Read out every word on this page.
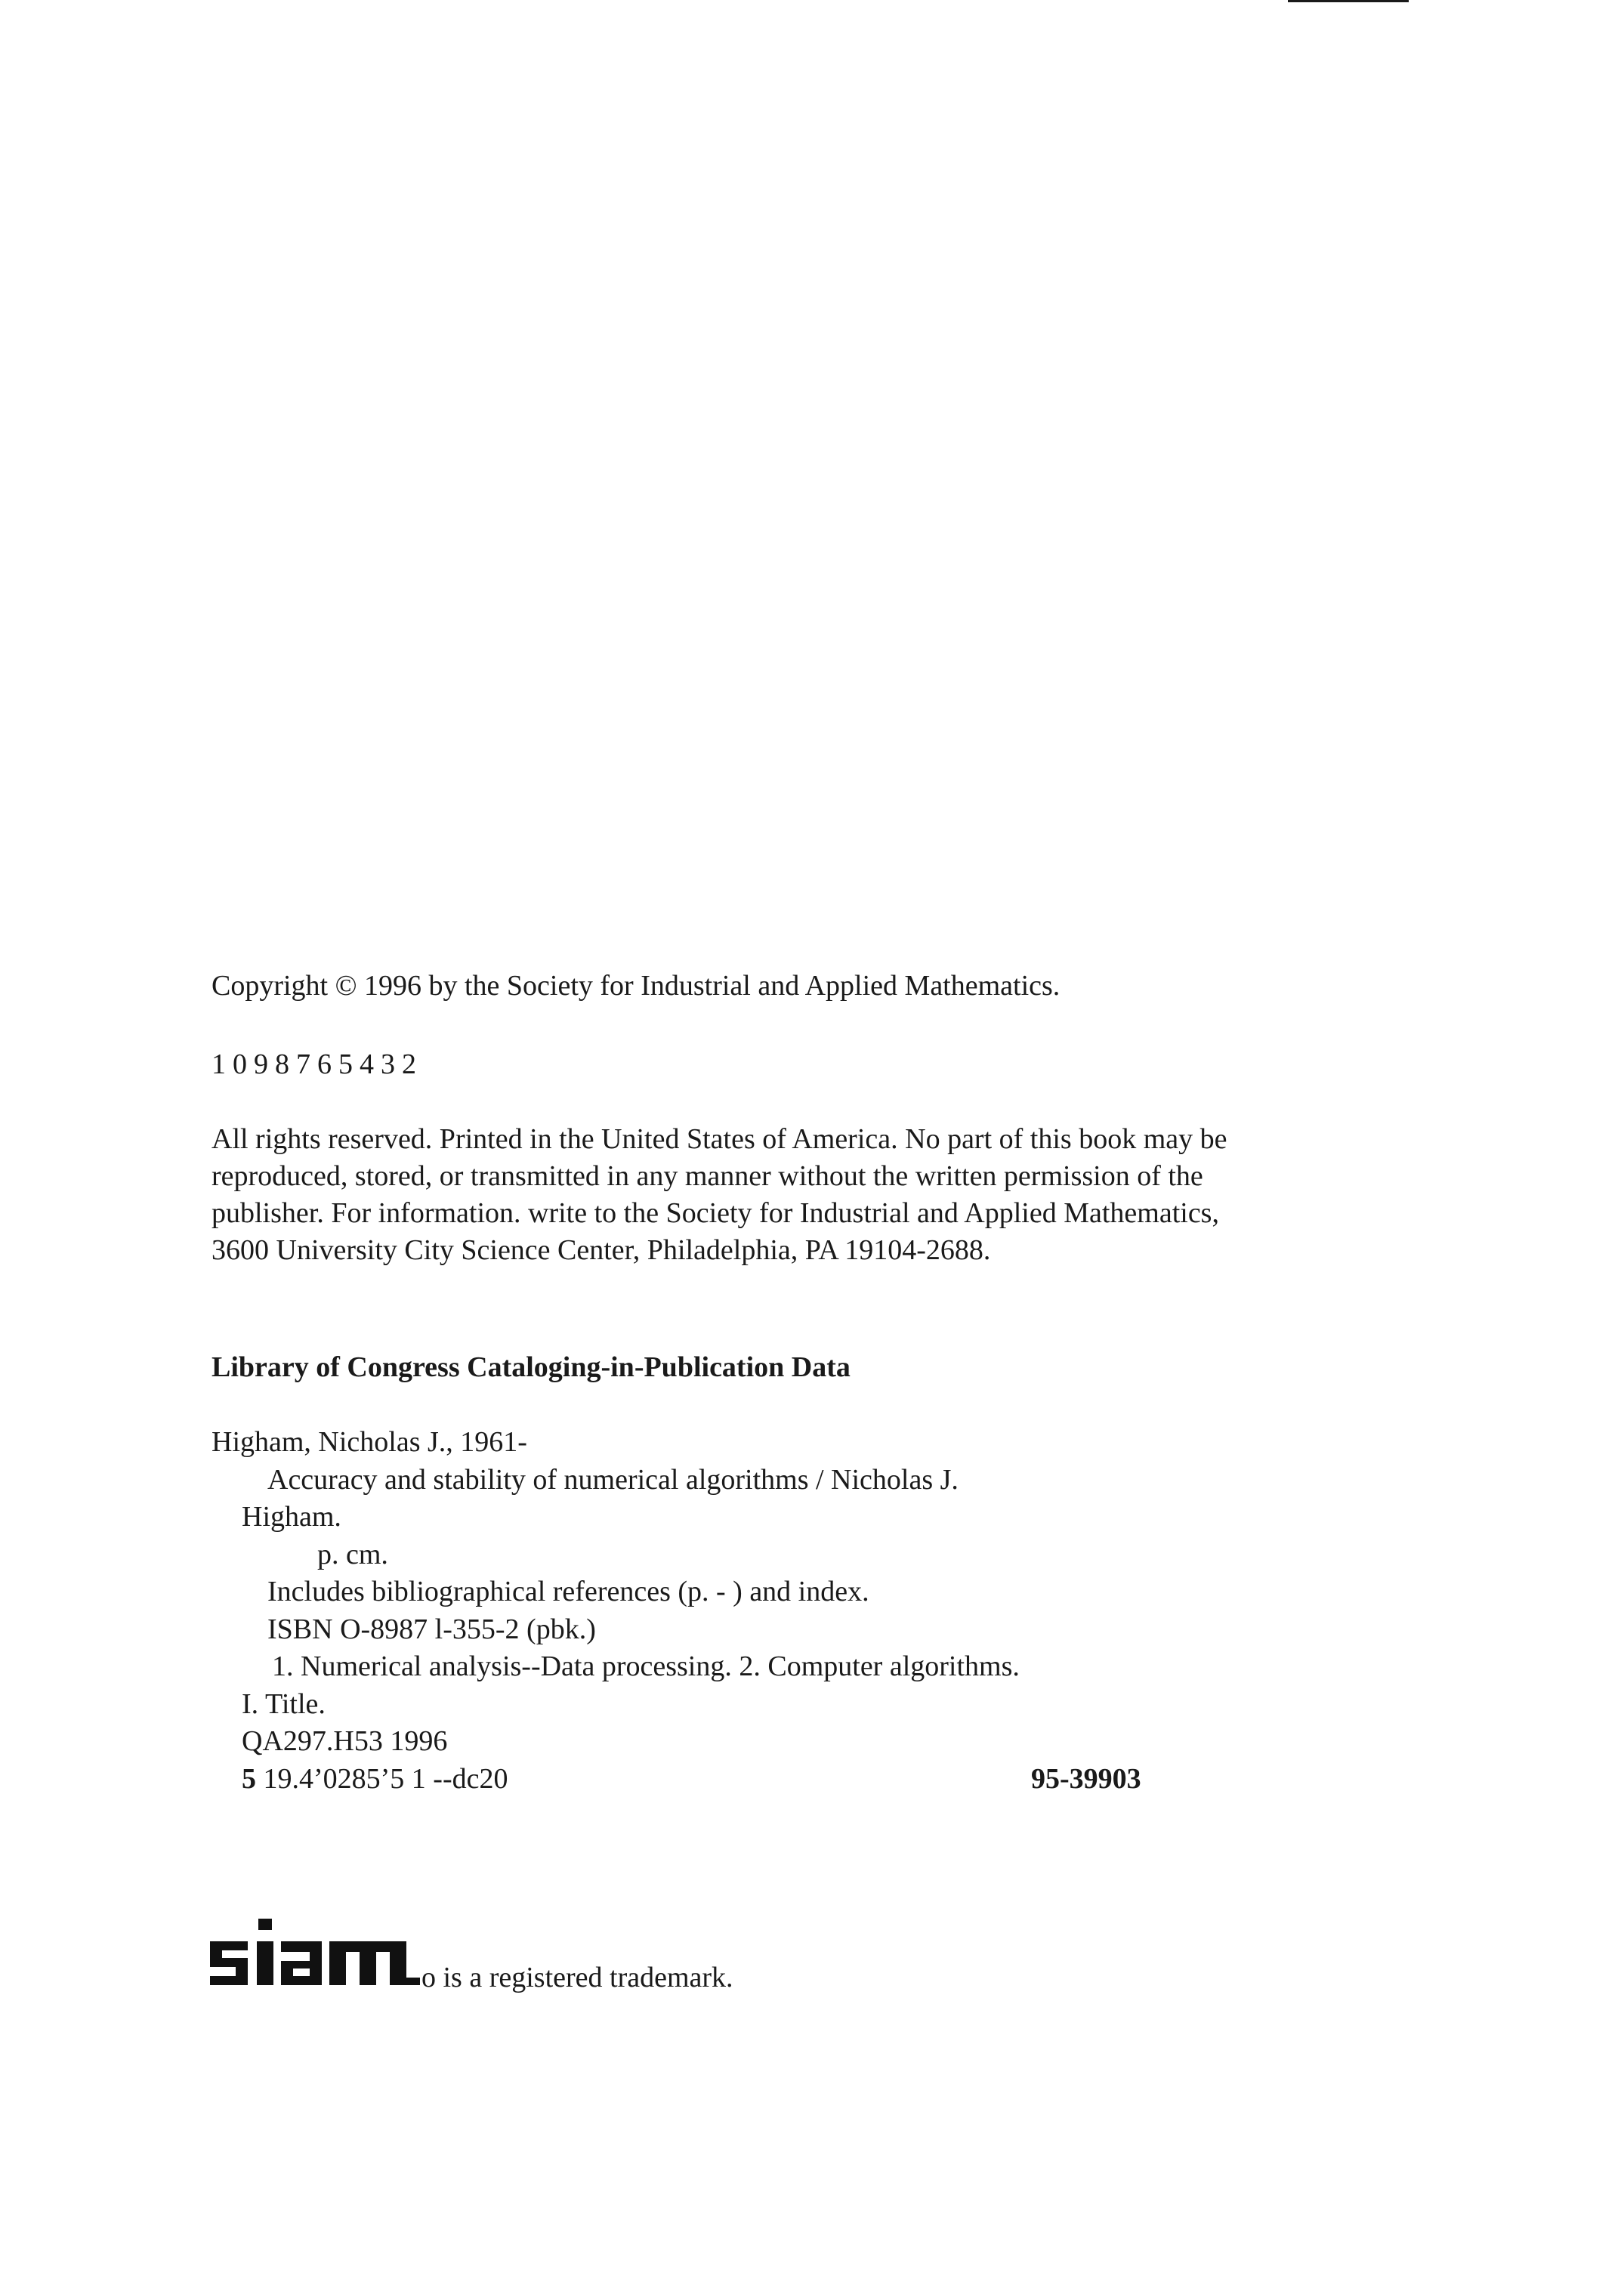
Copyright © 1996 by the Society for Industrial and Applied Mathematics.
1098765432
All rights reserved. Printed in the United States of America. No part of this book may be
reproduced, stored, or transmitted in any manner without the written permission of the
publisher. For information. write to the Society for Industrial and Applied Mathematics,
3600 University City Science Center, Philadelphia, PA 19104-2688.
Library of Congress Cataloging-in-Publication Data
Higham, Nicholas J., 1961-
Accuracy and stability of numerical algorithms / Nicholas J.
Higham.
p. cm.
Includes bibliographical references (p. - ) and index.
ISBN O-8987 l-355-2 (pbk.)
1. Numerical analysis--Data processing. 2. Computer algorithms.
I. Title.
QA297.H53 1996
5 19.4’0285’5 1 --dc20	95-39903
o is a registered trademark.
